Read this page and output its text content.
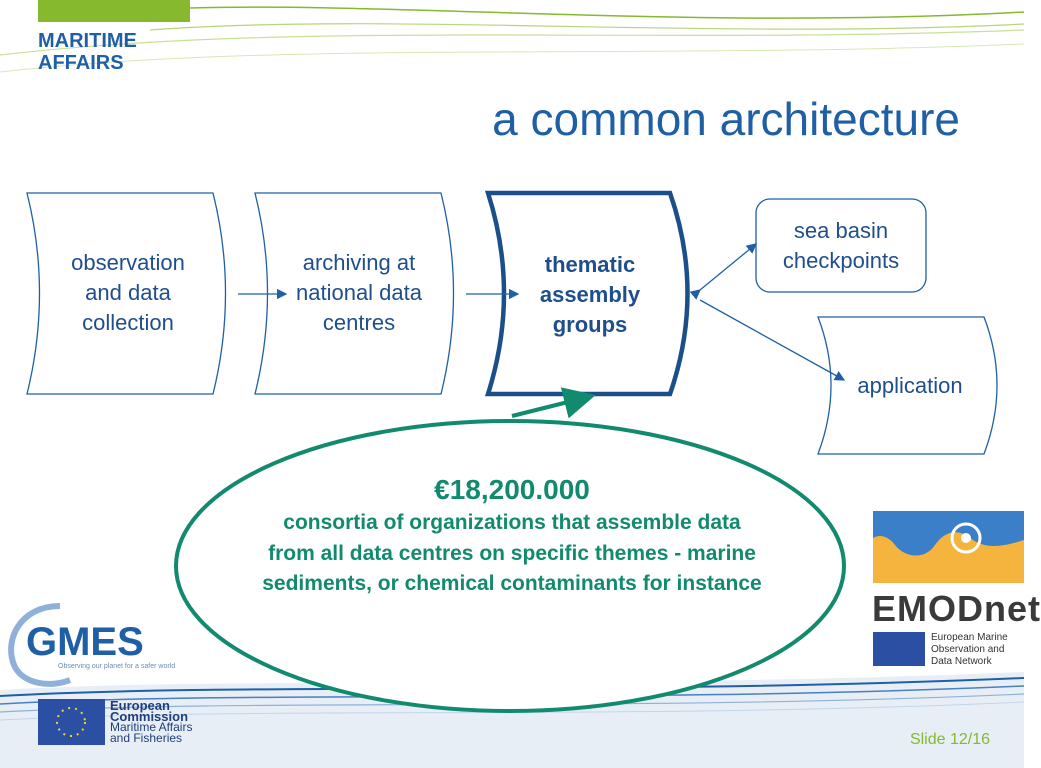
MARITIME
AFFAIRS
a common architecture
observation and data collection
archiving at national data centres
thematic assembly groups
sea basin checkpoints
application
€18,200.000
consortia of organizations that assemble data from all data centres on specific themes - marine sediments, or chemical contaminants for instance
GMES
Observing our planet for a safer world
EMODnet
European Marine
Observation and
Data Network
European
Commission
Maritime Affairs
and Fisheries	Slide 12/16
